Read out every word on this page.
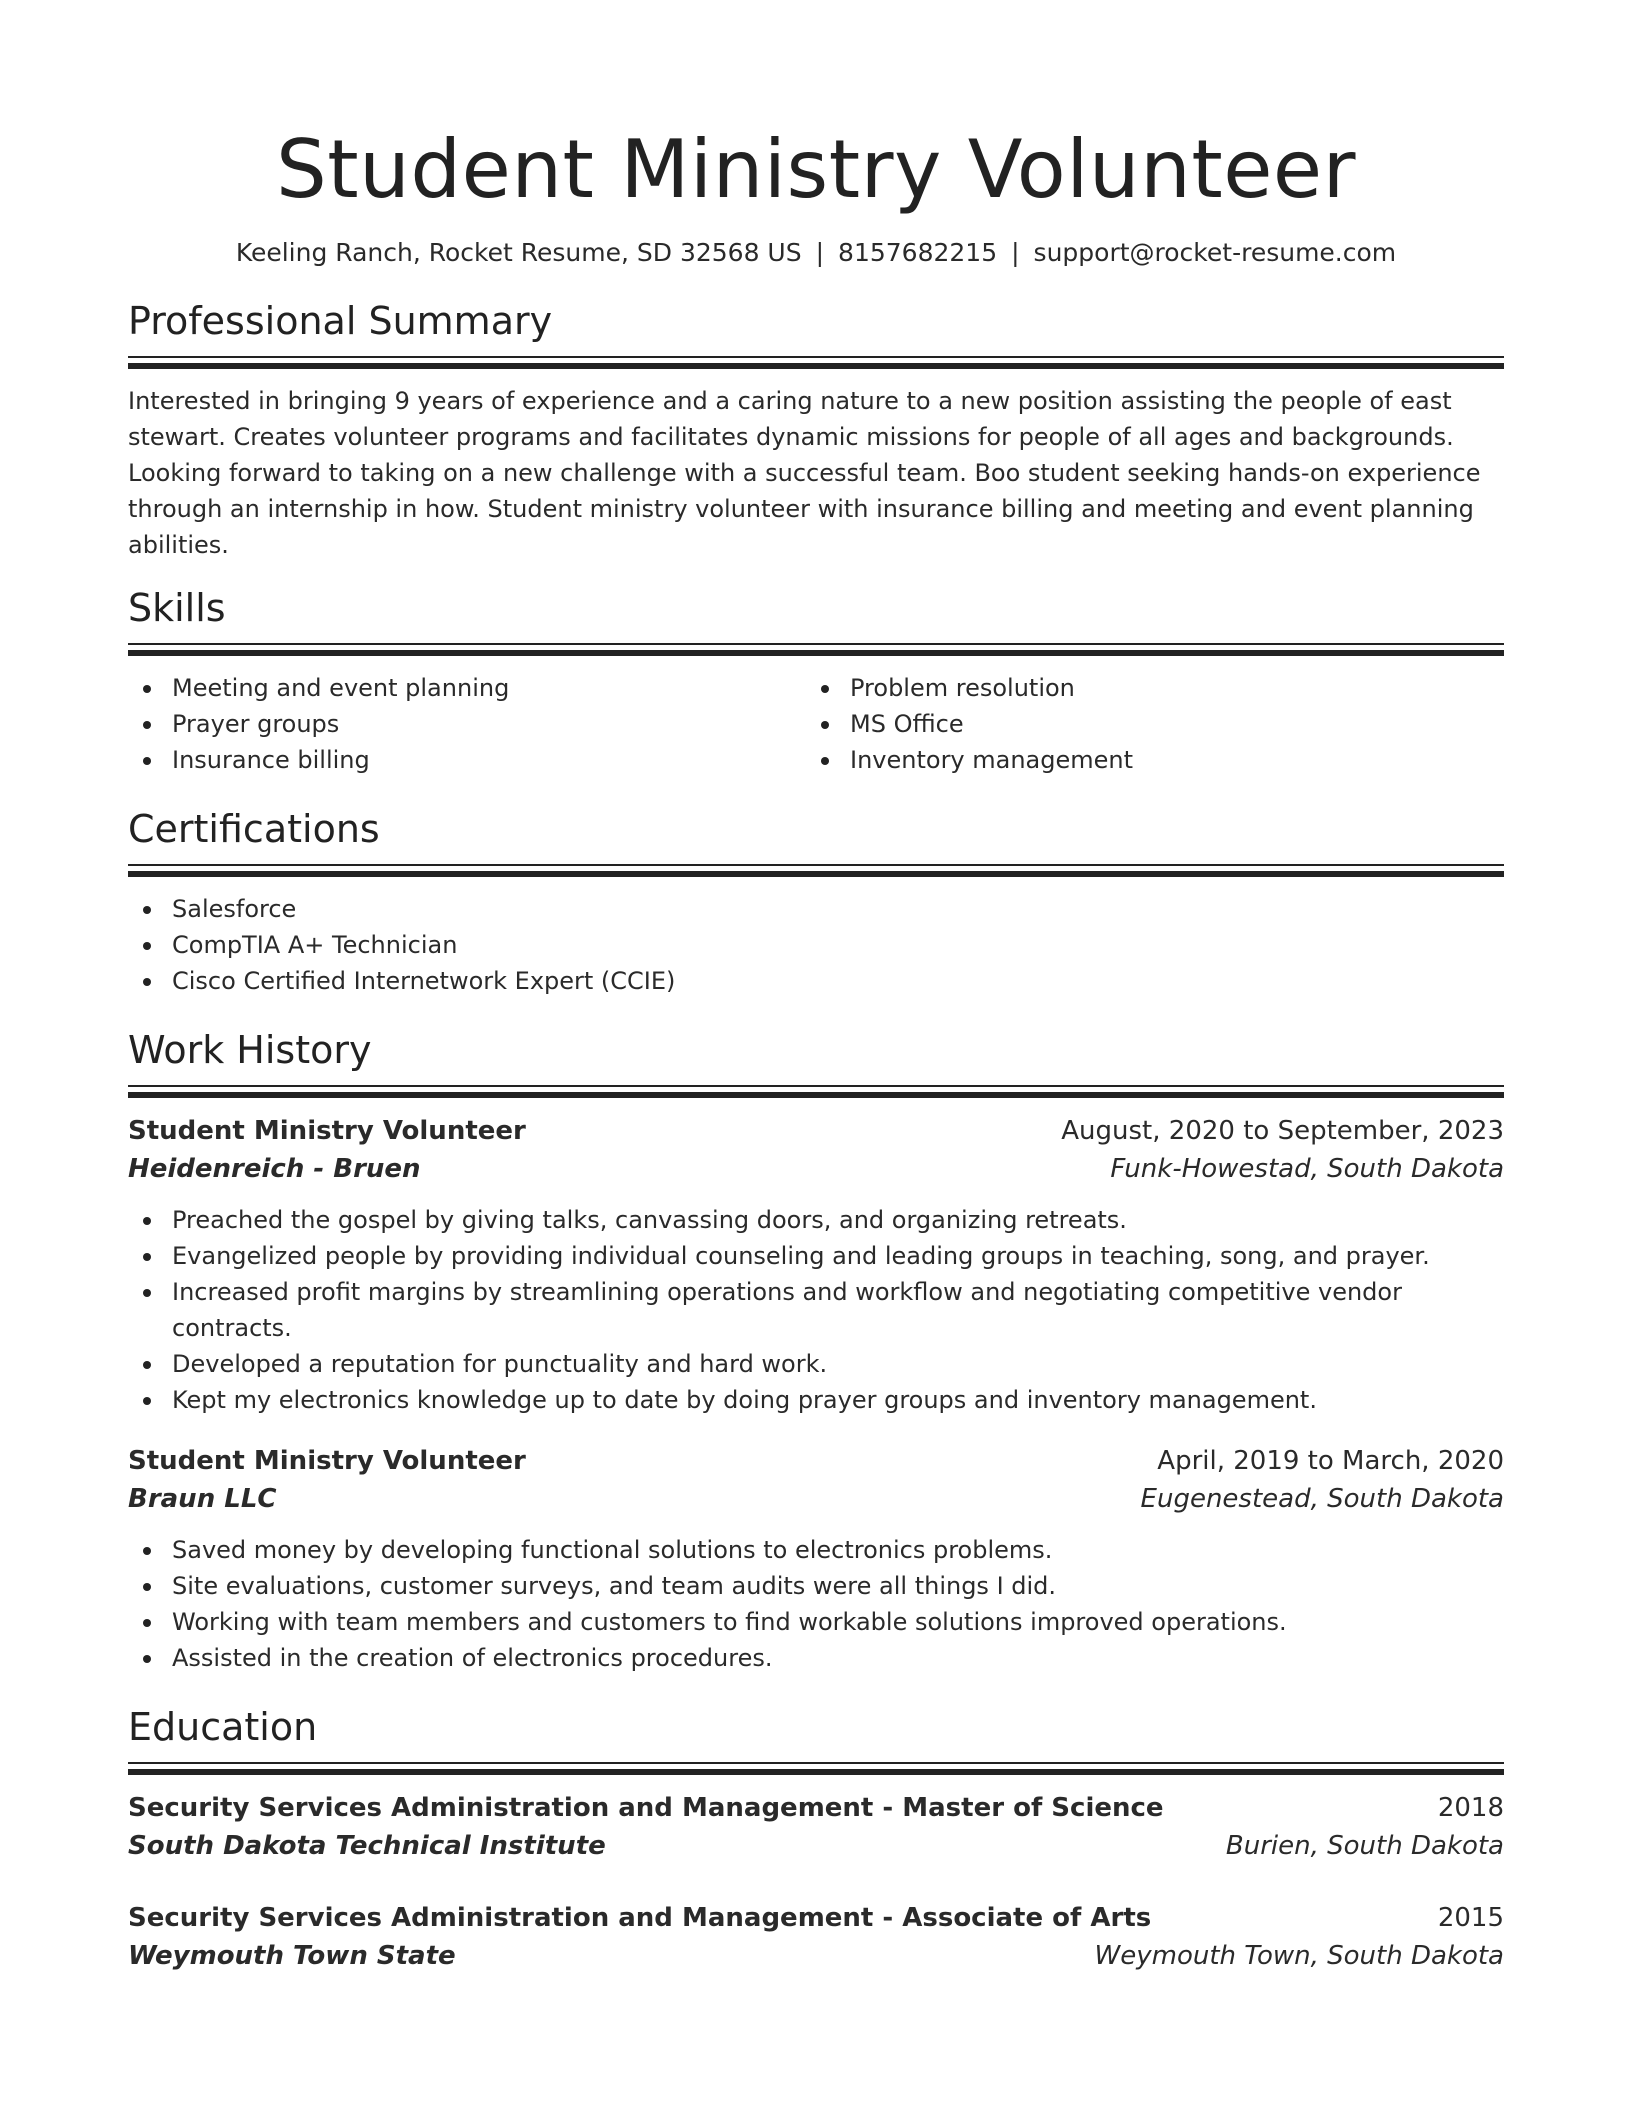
Student Ministry Volunteer
Keeling Ranch, Rocket Resume, SD 32568 US | 8157682215 | support@rocket-resume.com
Professional Summary
Interested in bringing 9 years of experience and a caring nature to a new position assisting the people of east stewart. Creates volunteer programs and facilitates dynamic missions for people of all ages and backgrounds. Looking forward to taking on a new challenge with a successful team. Boo student seeking hands-on experience through an internship in how. Student ministry volunteer with insurance billing and meeting and event planning abilities.
Skills
Meeting and event planning
Prayer groups
Insurance billing
Problem resolution
MS Office
Inventory management
Certifications
Salesforce
CompTIA A+ Technician
Cisco Certified Internetwork Expert (CCIE)
Work History
Student Ministry Volunteer	August, 2020 to September, 2023
Heidenreich - Bruen	Funk-Howestad, South Dakota
Preached the gospel by giving talks, canvassing doors, and organizing retreats.
Evangelized people by providing individual counseling and leading groups in teaching, song, and prayer.
Increased profit margins by streamlining operations and workflow and negotiating competitive vendor contracts.
Developed a reputation for punctuality and hard work.
Kept my electronics knowledge up to date by doing prayer groups and inventory management.
Student Ministry Volunteer	April, 2019 to March, 2020
Braun LLC	Eugenestead, South Dakota
Saved money by developing functional solutions to electronics problems.
Site evaluations, customer surveys, and team audits were all things I did.
Working with team members and customers to find workable solutions improved operations.
Assisted in the creation of electronics procedures.
Education
Security Services Administration and Management - Master of Science	2018
South Dakota Technical Institute	Burien, South Dakota
Security Services Administration and Management - Associate of Arts	2015
Weymouth Town State	Weymouth Town, South Dakota
